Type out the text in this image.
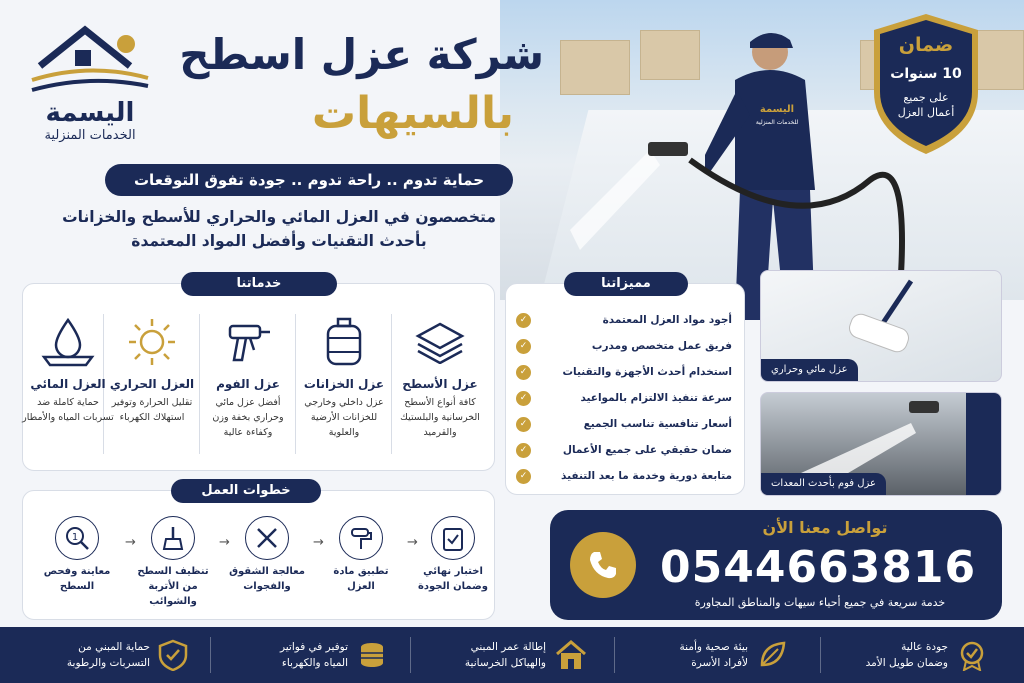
اليسمة
للخدمات المنزلية
اليسمة
الخدمات المنزلية
شركة عزل اسطح
بالسيهات
حماية تدوم .. راحة تدوم .. جودة تفوق التوقعات
متخصصون في العزل المائي والحراري للأسطح والخزانات
بأحدث التقنيات وأفضل المواد المعتمدة
ضمان
10 سنوات
على جميع
أعمال العزل
خدماتنا
عزل الأسطح
كافة أنواع الأسطح الخرسانية والبلستيك والقرميد
عزل الخزانات
عزل داخلي وخارجي للخزانات الأرضية والعلوية
عزل الفوم
أفضل عزل مائي وحراري بخفة وزن وكفاءة عالية
العزل الحراري
تقليل الحرارة وتوفير استهلاك الكهرباء
العزل المائي
حماية كاملة ضد تسربات المياه والأمطار
مميزاتنا
أجود مواد العزل المعتمدة
✓
فريق عمل متخصص ومدرب
✓
استخدام أحدث الأجهزة والتقنيات
✓
سرعة تنفيذ الالتزام بالمواعيد
✓
أسعار تنافسية تناسب الجميع
✓
ضمان حقيقي على جميع الأعمال
✓
متابعة دورية وخدمة ما بعد التنفيذ
✓
عزل مائي وحراري
عزل فوم بأحدث المعدات
خطوات العمل
1
معاينة وفحص السطح
→
تنظيف السطح من الأتربة والشوائب
→
معالجة الشقوق والفجوات
→
تطبيق مادة العزل
→
اختبار نهائي وضمان الجودة
تواصل معنا الأن
0544663816
خدمة سريعة في جميع أحياء سيهات والمناطق المجاورة
جودة عالية
وضمان طويل الأمد
بيئة صحية وأمنة
لأفراد الأسرة
إطالة عمر المبني
والهياكل الخرسانية
توفير في فواتير
المياه والكهرباء
حماية المبني من
التسربات والرطوبة
